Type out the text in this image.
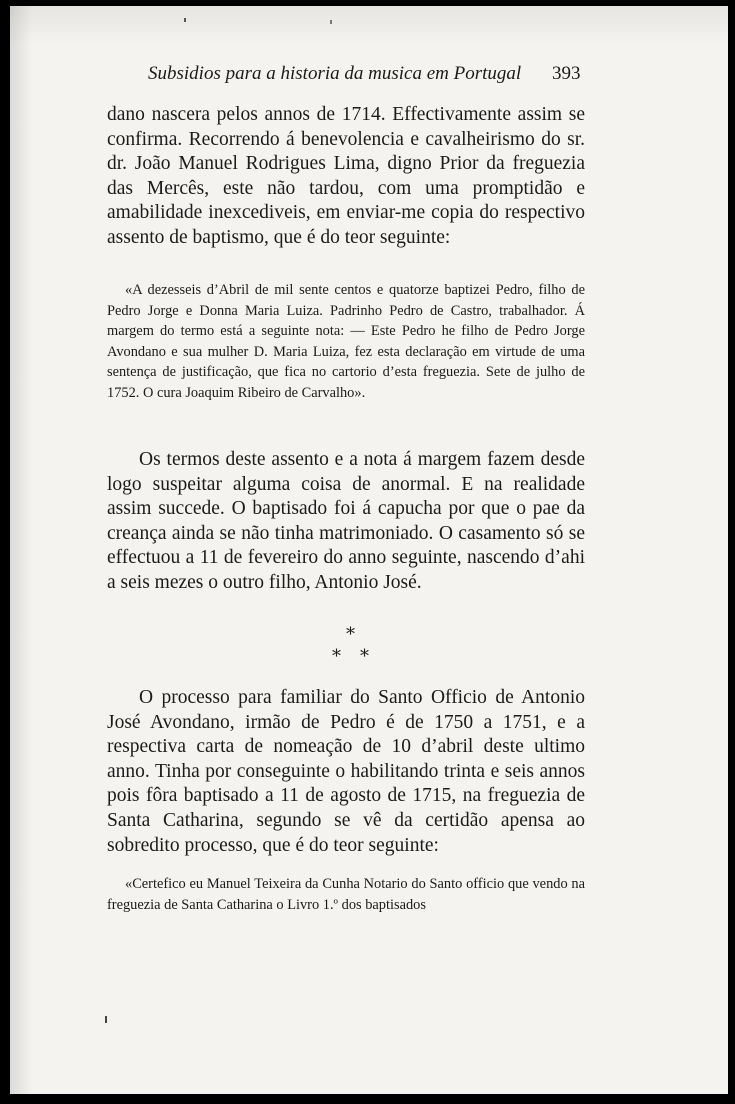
Subsidios para a historia da musica em Portugal	393
dano nascera pelos annos de 1714. Effectivamente assim se confirma. Recorrendo á benevolencia e cavalheirismo do sr. dr. João Manuel Rodrigues Lima, digno Prior da freguezia das Mercês, este não tardou, com uma promptidão e amabilidade inexcediveis, em enviar-me copia do respectivo assento de baptismo, que é do teor seguinte:
«A dezesseis d’Abril de mil sente centos e quatorze baptizei Pedro, filho de Pedro Jorge e Donna Maria Luiza. Padrinho Pedro de Castro, trabalhador. Á margem do termo está a seguinte nota: — Este Pedro he filho de Pedro Jorge Avondano e sua mulher D. Maria Luiza, fez esta declaração em virtude de uma sentença de justificação, que fica no cartorio d’esta freguezia. Sete de julho de 1752. O cura Joaquim Ribeiro de Carvalho».
Os termos deste assento e a nota á margem fazem desde logo suspeitar alguma coisa de anormal. E na realidade assim succede. O baptisado foi á capucha por que o pae da creança ainda se não tinha matrimoniado. O casamento só se effectuou a 11 de fevereiro do anno seguinte, nascendo d’ahi a seis mezes o outro filho, Antonio José.
*
* *
O processo para familiar do Santo Officio de Antonio José Avondano, irmão de Pedro é de 1750 a 1751, e a respectiva carta de nomeação de 10 d’abril deste ultimo anno. Tinha por conseguinte o habilitando trinta e seis annos pois fôra baptisado a 11 de agosto de 1715, na freguezia de Santa Catharina, segundo se vê da certidão apensa ao sobredito processo, que é do teor seguinte:
«Certefico eu Manuel Teixeira da Cunha Notario do Santo officio que vendo na freguezia de Santa Catharina o Livro 1.º dos baptisados
